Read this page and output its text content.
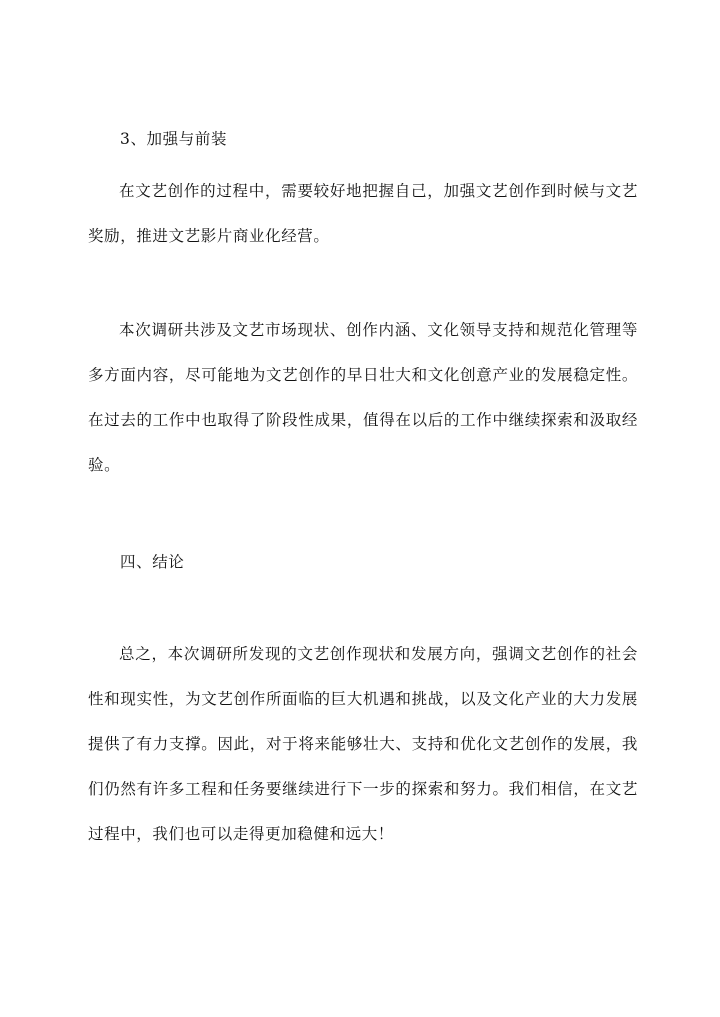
3、加强与前装

在文艺创作的过程中，需要较好地把握自己，加强文艺创作到时候与文艺奖励，推进文艺影片商业化经营。

本次调研共涉及文艺市场现状、创作内涵、文化领导支持和规范化管理等多方面内容，尽可能地为文艺创作的早日壮大和文化创意产业的发展稳定性。在过去的工作中也取得了阶段性成果，值得在以后的工作中继续探索和汲取经验。

四、结论

总之，本次调研所发现的文艺创作现状和发展方向，强调文艺创作的社会性和现实性，为文艺创作所面临的巨大机遇和挑战，以及文化产业的大力发展提供了有力支撑。因此，对于将来能够壮大、支持和优化文艺创作的发展，我们仍然有许多工程和任务要继续进行下一步的探索和努力。我们相信，在文艺过程中，我们也可以走得更加稳健和远大！
